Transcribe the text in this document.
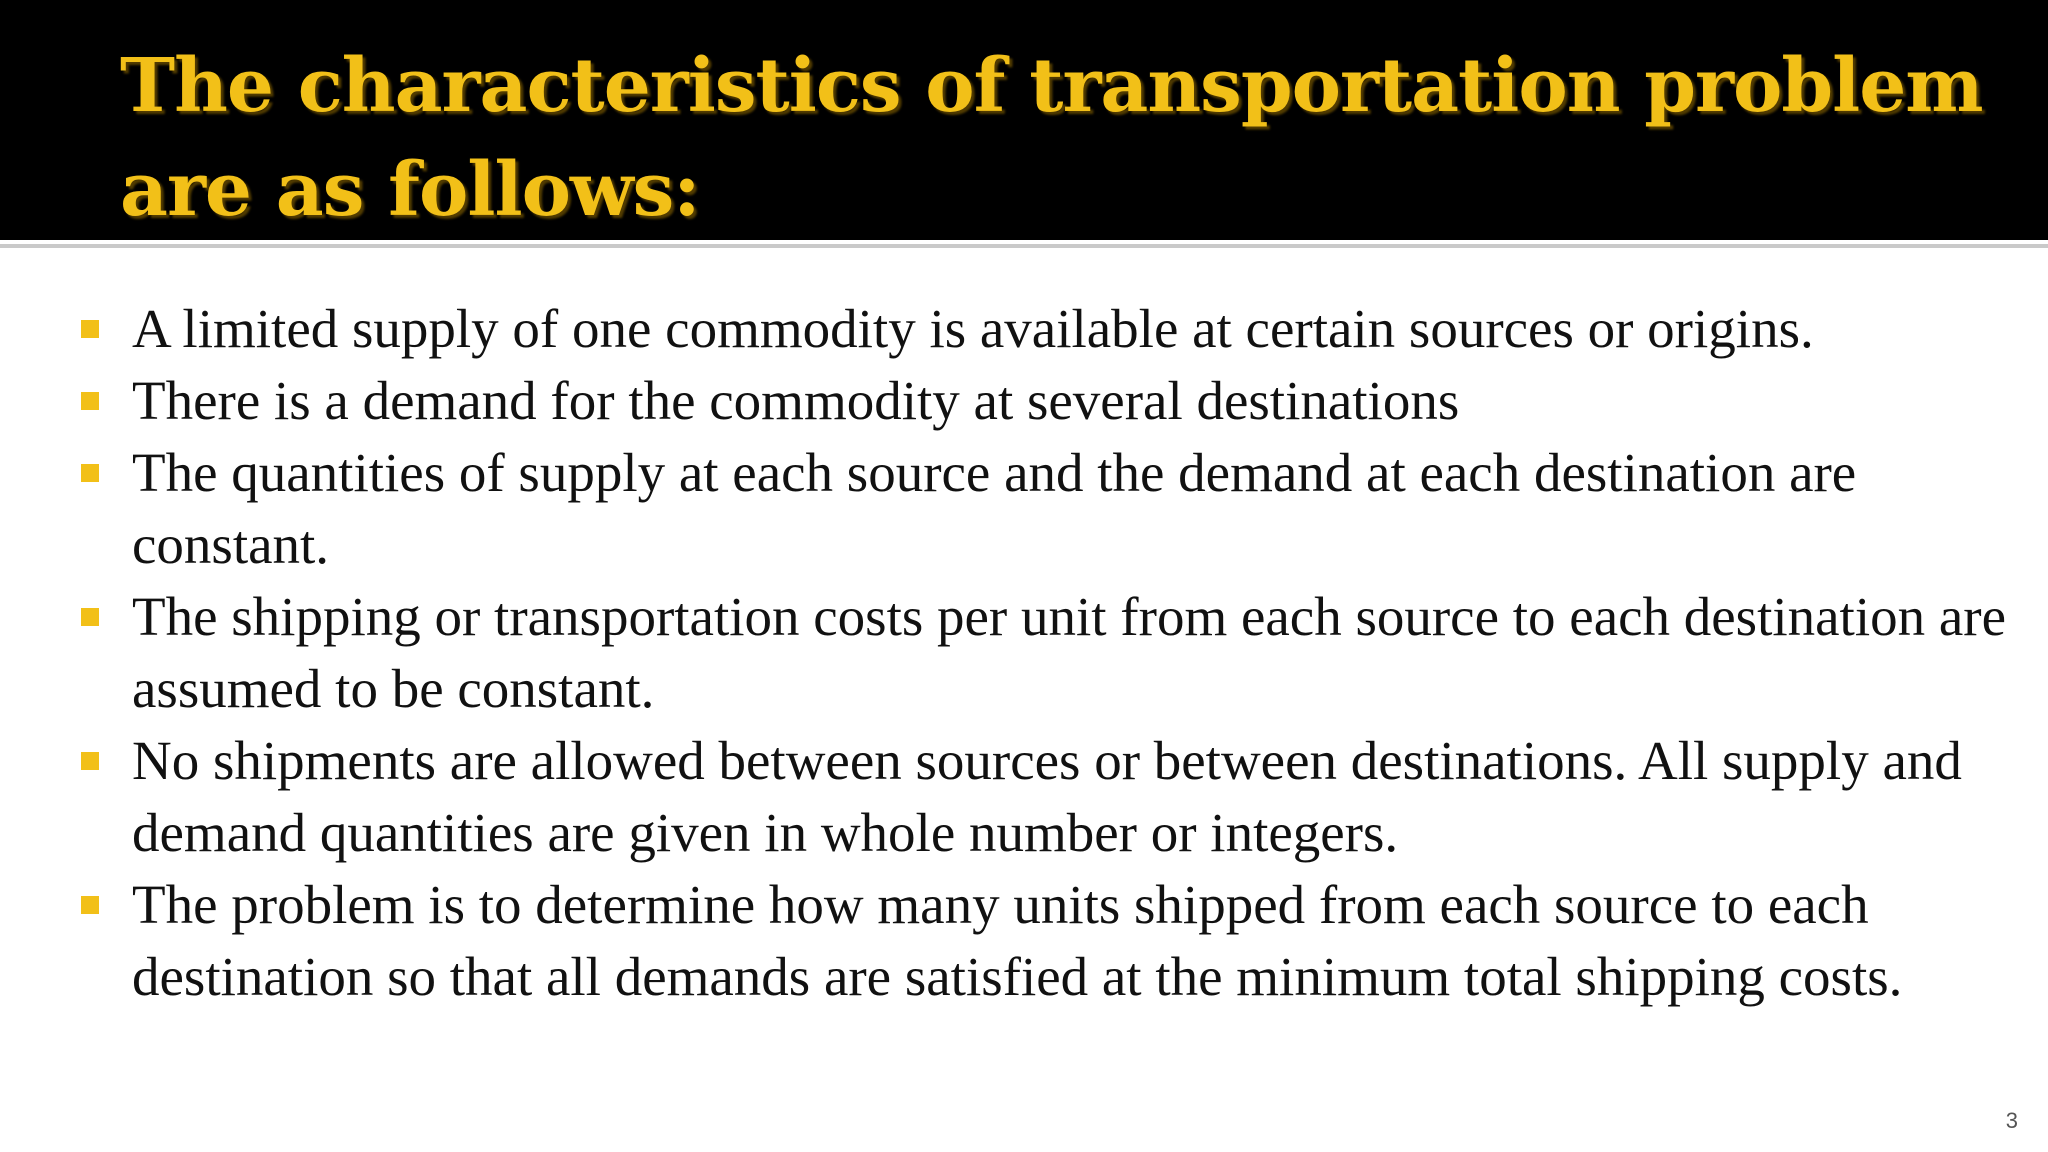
The characteristics of transportation problem are as follows:
A limited supply of one commodity is available at certain sources or origins.
There is a demand for the commodity at several destinations
The quantities of supply at each source and the demand at each destination are constant.
The shipping or transportation costs per unit from each source to each destination are assumed to be constant.
No shipments are allowed between sources or between destinations. All supply and demand quantities are given in whole number or integers.
The problem is to determine how many units shipped from each source to each destination so that all demands are satisfied at the minimum total shipping costs.
3
